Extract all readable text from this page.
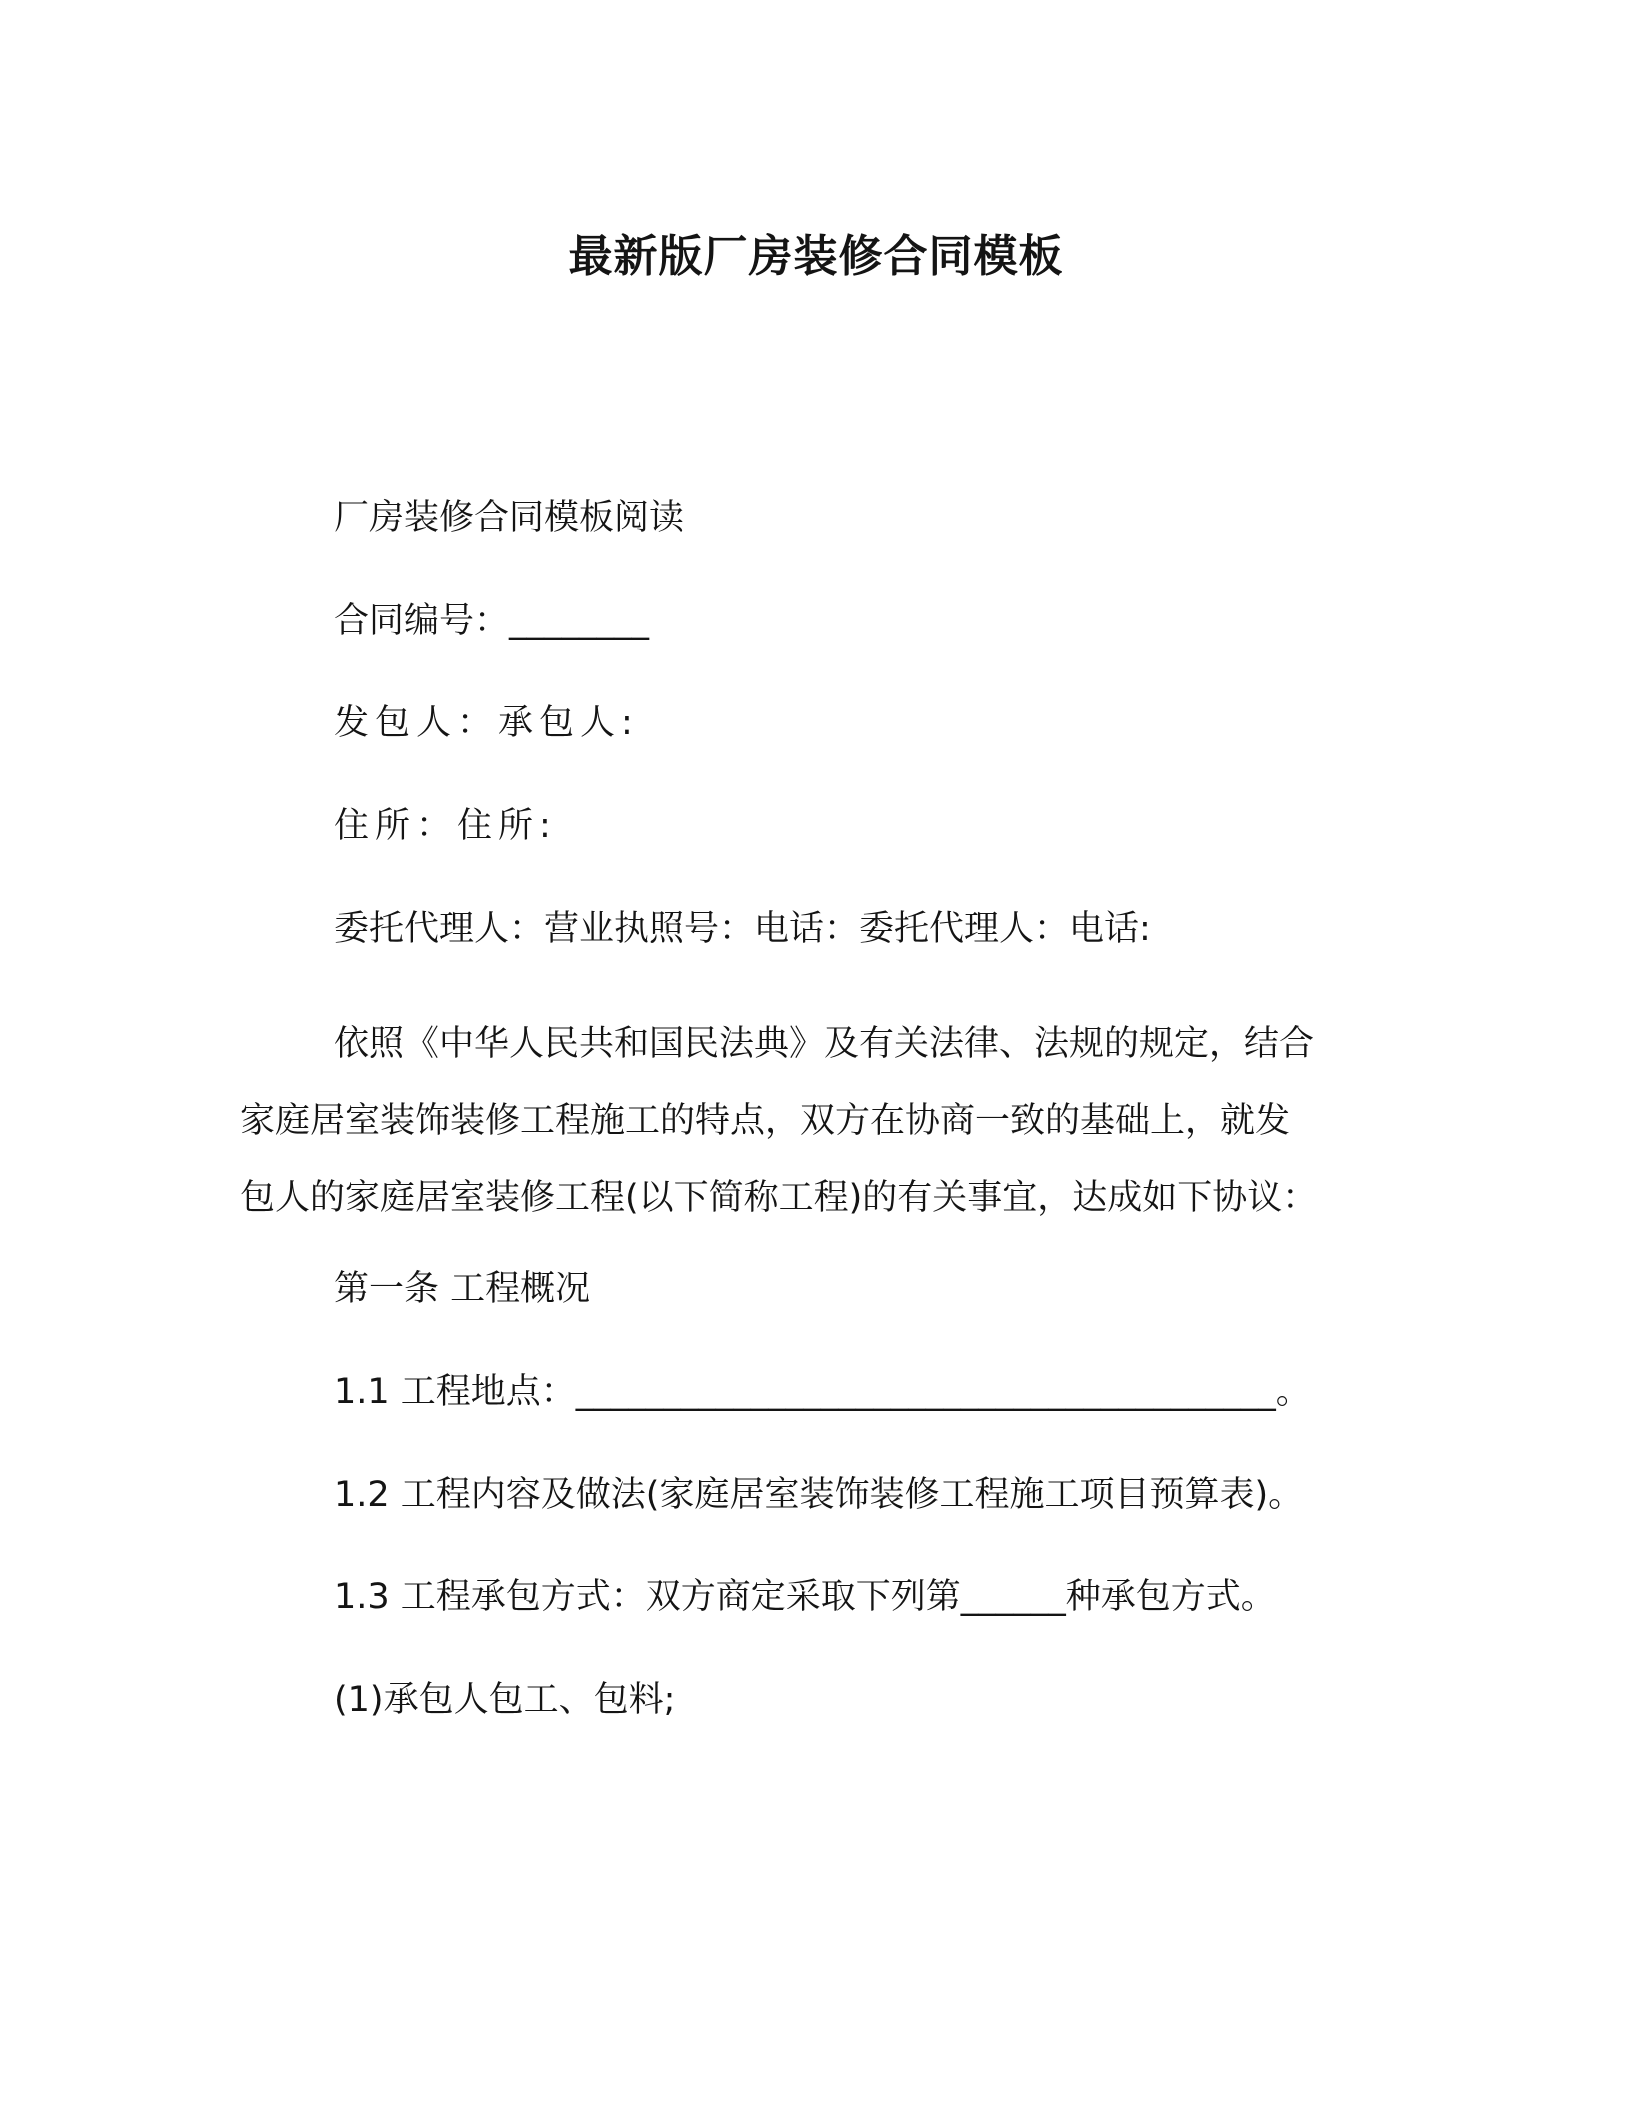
最新版厂房装修合同模板

厂房装修合同模板阅读

合同编号：________

发包人：承包人:

住所：住所:

委托代理人：营业执照号：电话：委托代理人：电话:

依照《中华人民共和国民法典》及有关法律、法规的规定，结合
家庭居室装饰装修工程施工的特点，双方在协商一致的基础上，就发
包人的家庭居室装修工程(以下简称工程)的有关事宜，达成如下协议：

第一条 工程概况

1.1 工程地点：________________________________________。

1.2 工程内容及做法(家庭居室装饰装修工程施工项目预算表)。

1.3 工程承包方式：双方商定采取下列第______种承包方式。

(1)承包人包工、包料;
